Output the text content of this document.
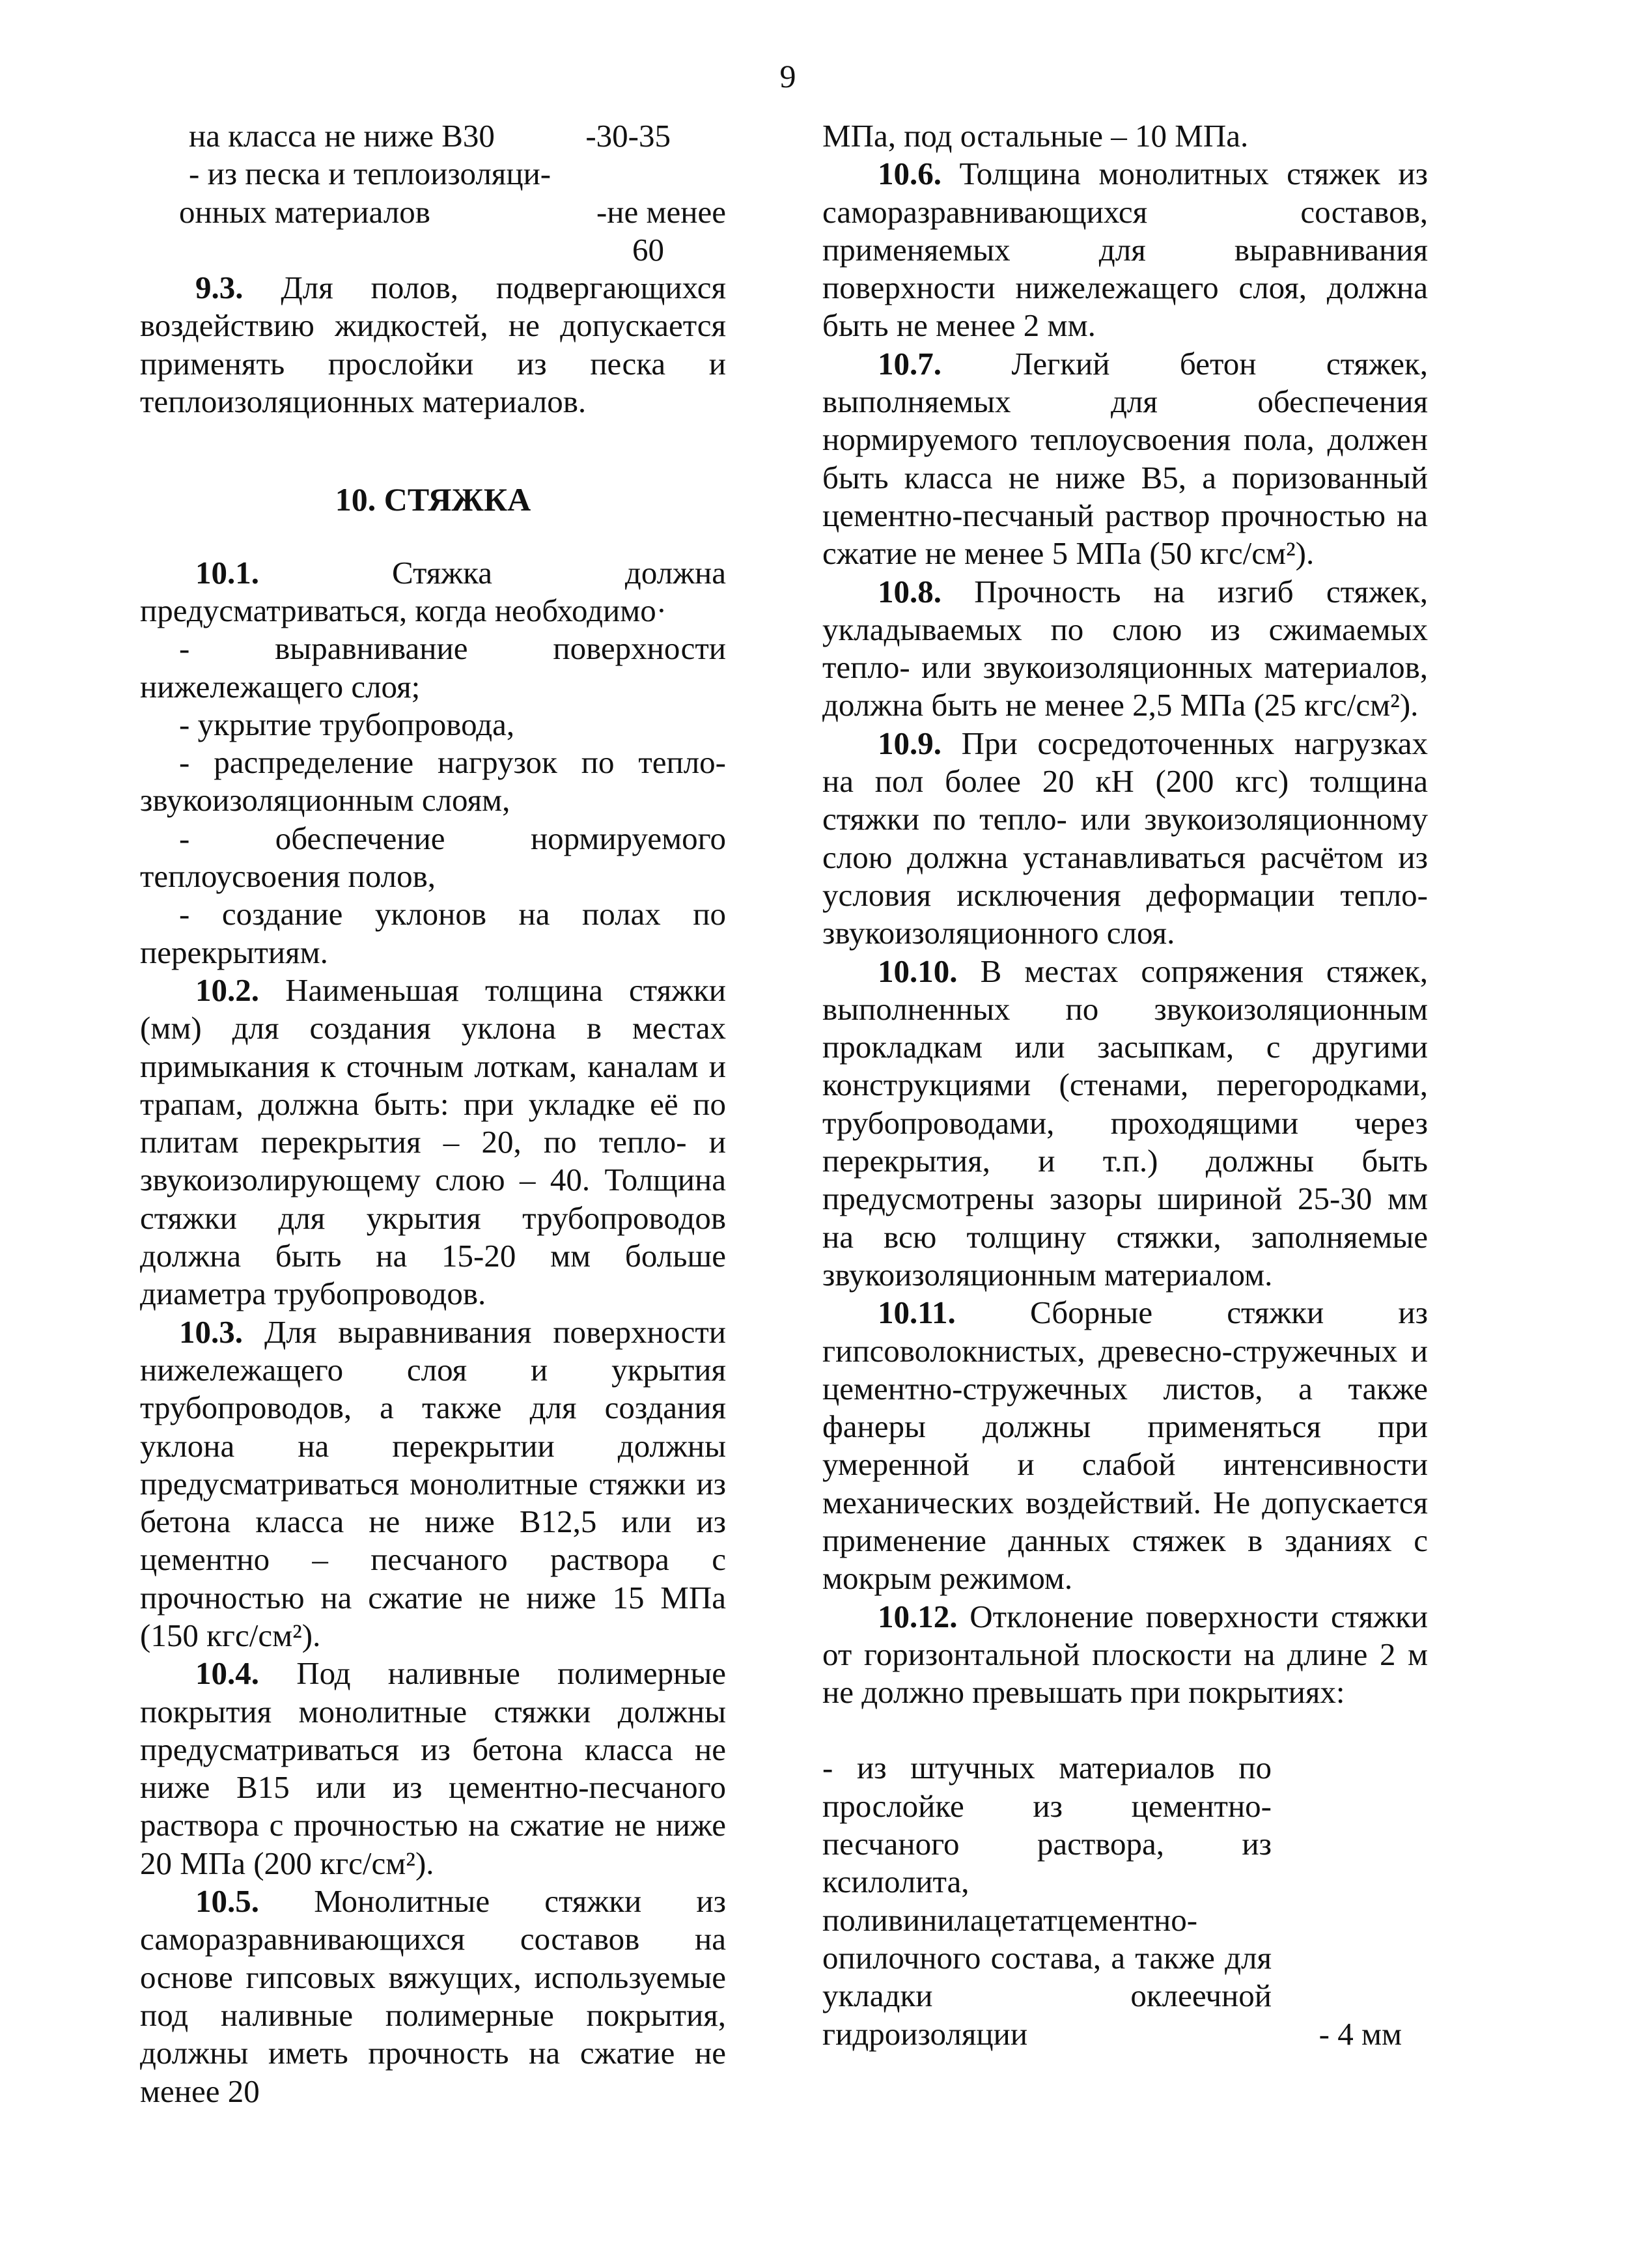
9
на класса не ниже В30	-30-35
- из песка и теплоизоляци-
онных материалов	-не менее
60

9.3. Для полов, подвергающихся воздействию жидкостей, не допускается применять прослойки из песка и теплоизоляционных материалов.

10. СТЯЖКА

10.1. Стяжка должна предусматриваться, когда необходимо·

- выравнивание поверхности нижележащего слоя;

- укрытие трубопровода,

- распределение нагрузок по тепло- звукоизоляционным слоям,

- обеспечение нормируемого теплоусвоения полов,

- создание уклонов на полах по перекрытиям.

10.2. Наименьшая толщина стяжки (мм) для создания уклона в местах примыкания к сточным лоткам, каналам и трапам, должна быть: при укладке её по плитам перекрытия – 20, по тепло- и звукоизолирующему слою – 40. Толщина стяжки для укрытия трубопроводов должна быть на 15-20 мм больше диаметра трубопроводов.

10.3. Для выравнивания поверхности нижележащего слоя и укрытия трубопроводов, а также для создания уклона на перекрытии должны предусматриваться монолитные стяжки из бетона класса не ниже В12,5 или из цементно – песчаного раствора с прочностью на сжатие не ниже 15 МПа (150 кгс/см²).

10.4. Под наливные полимерные покрытия монолитные стяжки должны предусматриваться из бетона класса не ниже В15 или из цементно-песчаного раствора с прочностью на сжатие не ниже 20 МПа (200 кгс/см²).

10.5. Монолитные стяжки из саморазравнивающихся составов на основе гипсовых вяжущих, используемые под наливные полимерные покрытия, должны иметь прочность на сжатие не менее 20

МПа, под остальные – 10 МПа.

10.6. Толщина монолитных стяжек из саморазравнивающихся составов, применяемых для выравнивания поверхности нижележащего слоя, должна быть не менее 2 мм.

10.7. Легкий бетон стяжек, выполняемых для обеспечения нормируемого теплоусвоения пола, должен быть класса не ниже В5, а поризованный цементно-песчаный раствор прочностью на сжатие не менее 5 МПа (50 кгс/см²).

10.8. Прочность на изгиб стяжек, укладываемых по слою из сжимаемых тепло- или звукоизоляционных материалов, должна быть не менее 2,5 МПа (25 кгс/см²).

10.9. При сосредоточенных нагрузках на пол более 20 кН (200 кгс) толщина стяжки по тепло- или звукоизоляционному слою должна устанавливаться расчётом из условия исключения деформации тепло-звукоизоляционного слоя.

10.10. В местах сопряжения стяжек, выполненных по звукоизоляционным прокладкам или засыпкам, с другими конструкциями (стенами, перегородками, трубопроводами, проходящими через перекрытия, и т.п.) должны быть предусмотрены зазоры шириной 25-30 мм на всю толщину стяжки, заполняемые звукоизоляционным материалом.

10.11. Сборные стяжки из гипсоволокнистых, древесно-стружечных и цементно-стружечных листов, а также фанеры должны применяться при умеренной и слабой интенсивности механических воздействий. Не допускается применение данных стяжек в зданиях с мокрым режимом.

10.12. Отклонение поверхности стяжки от горизонтальной плоскости на длине 2 м не должно превышать при покрытиях:

- из штучных материалов по прослойке из цементно-песчаного раствора, из ксилолита, поливинилацетатцементно-опилочного состава, а также для укладки оклеечной гидроизоляции	- 4 мм
